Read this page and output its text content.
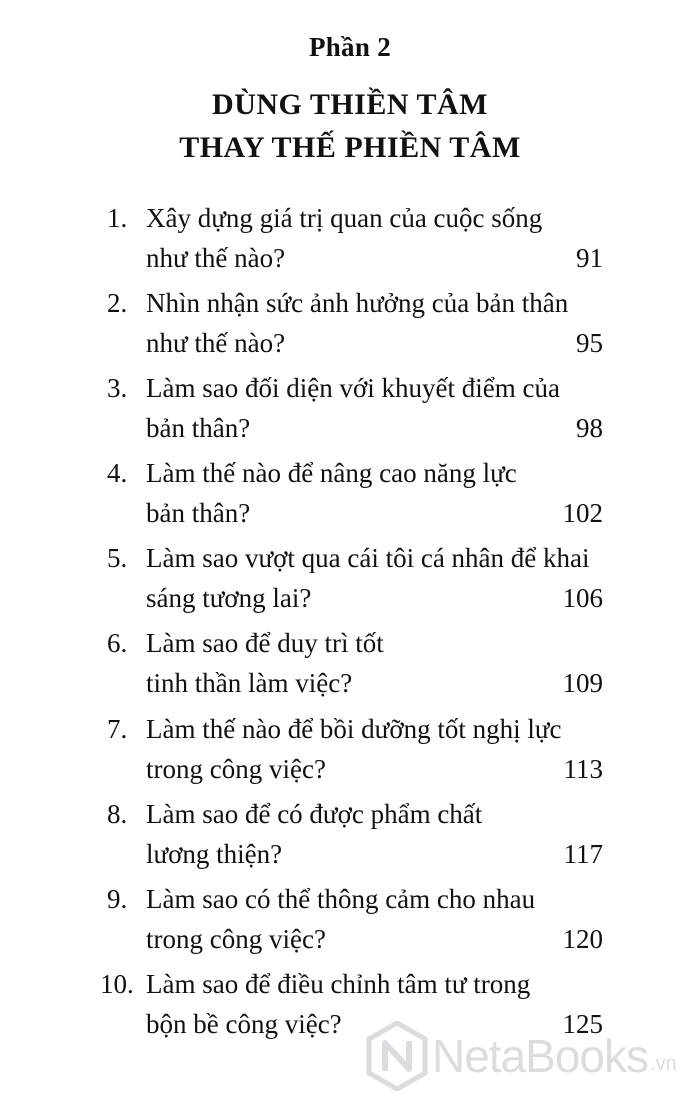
Phần 2
DÙNG THIỀN TÂM
THAY THẾ PHIỀN TÂM
1. Xây dựng giá trị quan của cuộc sống
như thế nào?	91
2. Nhìn nhận sức ảnh hưởng của bản thân
như thế nào?	95
3. Làm sao đối diện với khuyết điểm của
bản thân?	98
4. Làm thế nào để nâng cao năng lực
bản thân?	102
5. Làm sao vượt qua cái tôi cá nhân để khai
sáng tương lai?	106
6. Làm sao để duy trì tốt
tinh thần làm việc?	109
7. Làm thế nào để bồi dưỡng tốt nghị lực
trong công việc?	113
8. Làm sao để có được phẩm chất
lương thiện?	117
9. Làm sao có thể thông cảm cho nhau
trong công việc?	120
10. Làm sao để điều chỉnh tâm tư trong
bộn bề công việc?	125
NetaBooks .vn
